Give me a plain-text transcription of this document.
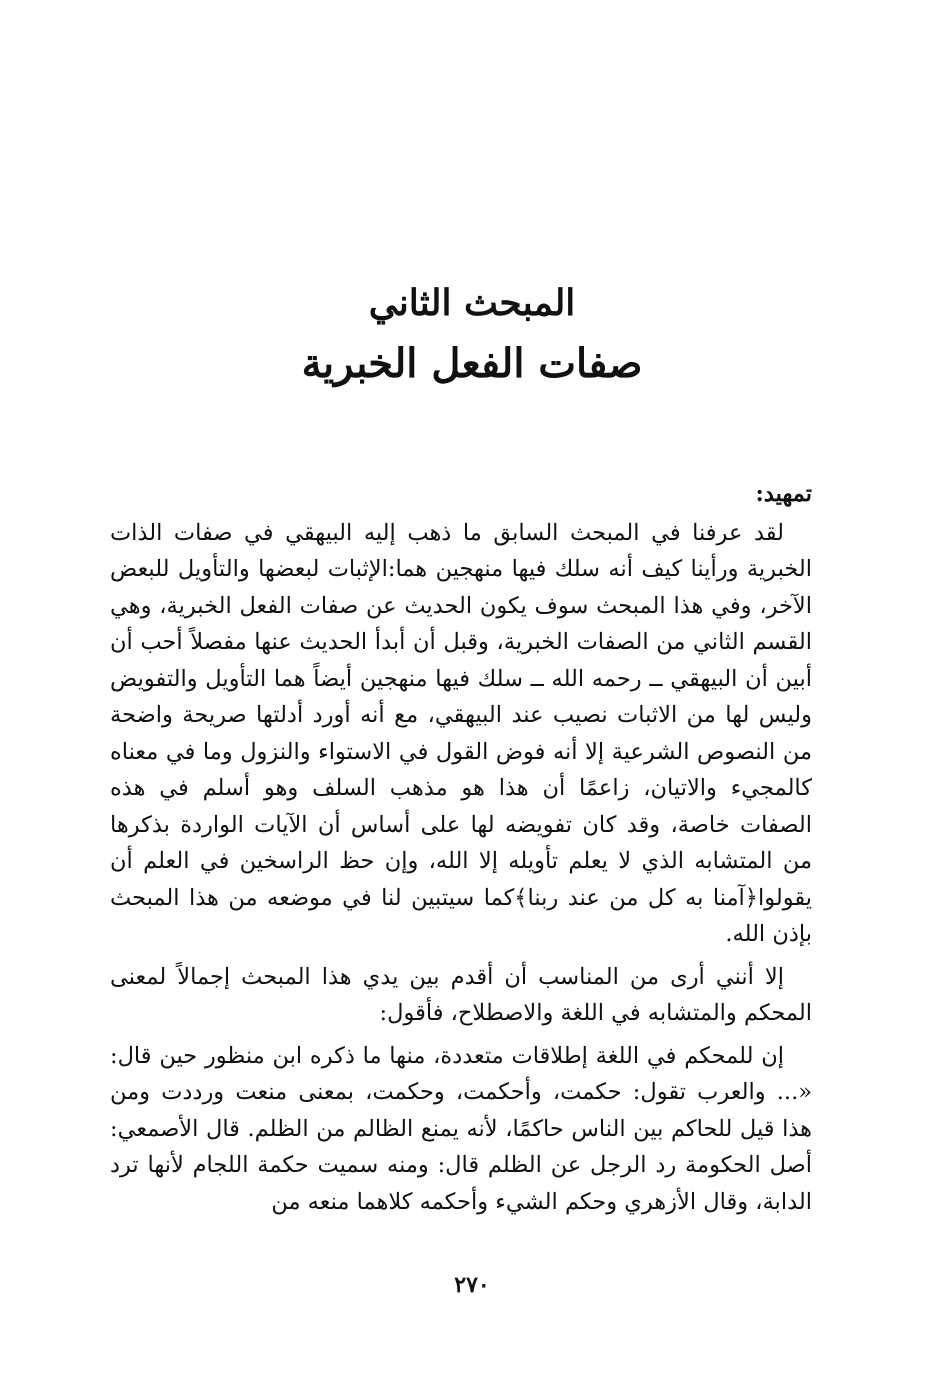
المبحث الثاني
صفات الفعل الخبرية

تمهيد:

لقد عرفنا في المبحث السابق ما ذهب إليه البيهقي في صفات الذات الخبرية ورأينا كيف أنه سلك فيها منهجين هما:الإثبات لبعضها والتأويل للبعض الآخر، وفي هذا المبحث سوف يكون الحديث عن صفات الفعل الخبرية، وهي القسم الثاني من الصفات الخبرية، وقبل أن أبدأ الحديث عنها مفصلاً أحب أن أبين أن البيهقي ــ رحمه الله ــ سلك فيها منهجين أيضاً هما التأويل والتفويض وليس لها من الاثبات نصيب عند البيهقي، مع أنه أورد أدلتها صريحة واضحة من النصوص الشرعية إلا أنه فوض القول في الاستواء والنزول وما في معناه كالمجيء والاتيان، زاعمًا أن هذا هو مذهب السلف وهو أسلم في هذه الصفات خاصة، وقد كان تفويضه لها على أساس أن الآيات الواردة بذكرها من المتشابه الذي لا يعلم تأويله إلا الله، وإن حظ الراسخين في العلم أن يقولوا﴿آمنا به كل من عند ربنا﴾كما سيتبين لنا في موضعه من هذا المبحث بإذن الله.

إلا أنني أرى من المناسب أن أقدم بين يدي هذا المبحث إجمالاً لمعنى المحكم والمتشابه في اللغة والاصطلاح، فأقول:

إن للمحكم في اللغة إطلاقات متعددة، منها ما ذكره ابن منظور حين قال: «... والعرب تقول: حكمت، وأحكمت، وحكمت، بمعنى منعت ورددت ومن هذا قيل للحاكم بين الناس حاكمًا، لأنه يمنع الظالم من الظلم. قال الأصمعي: أصل الحكومة رد الرجل عن الظلم قال: ومنه سميت حكمة اللجام لأنها ترد الدابة، وقال الأزهري وحكم الشيء وأحكمه كلاهما منعه من

٢٧٠
